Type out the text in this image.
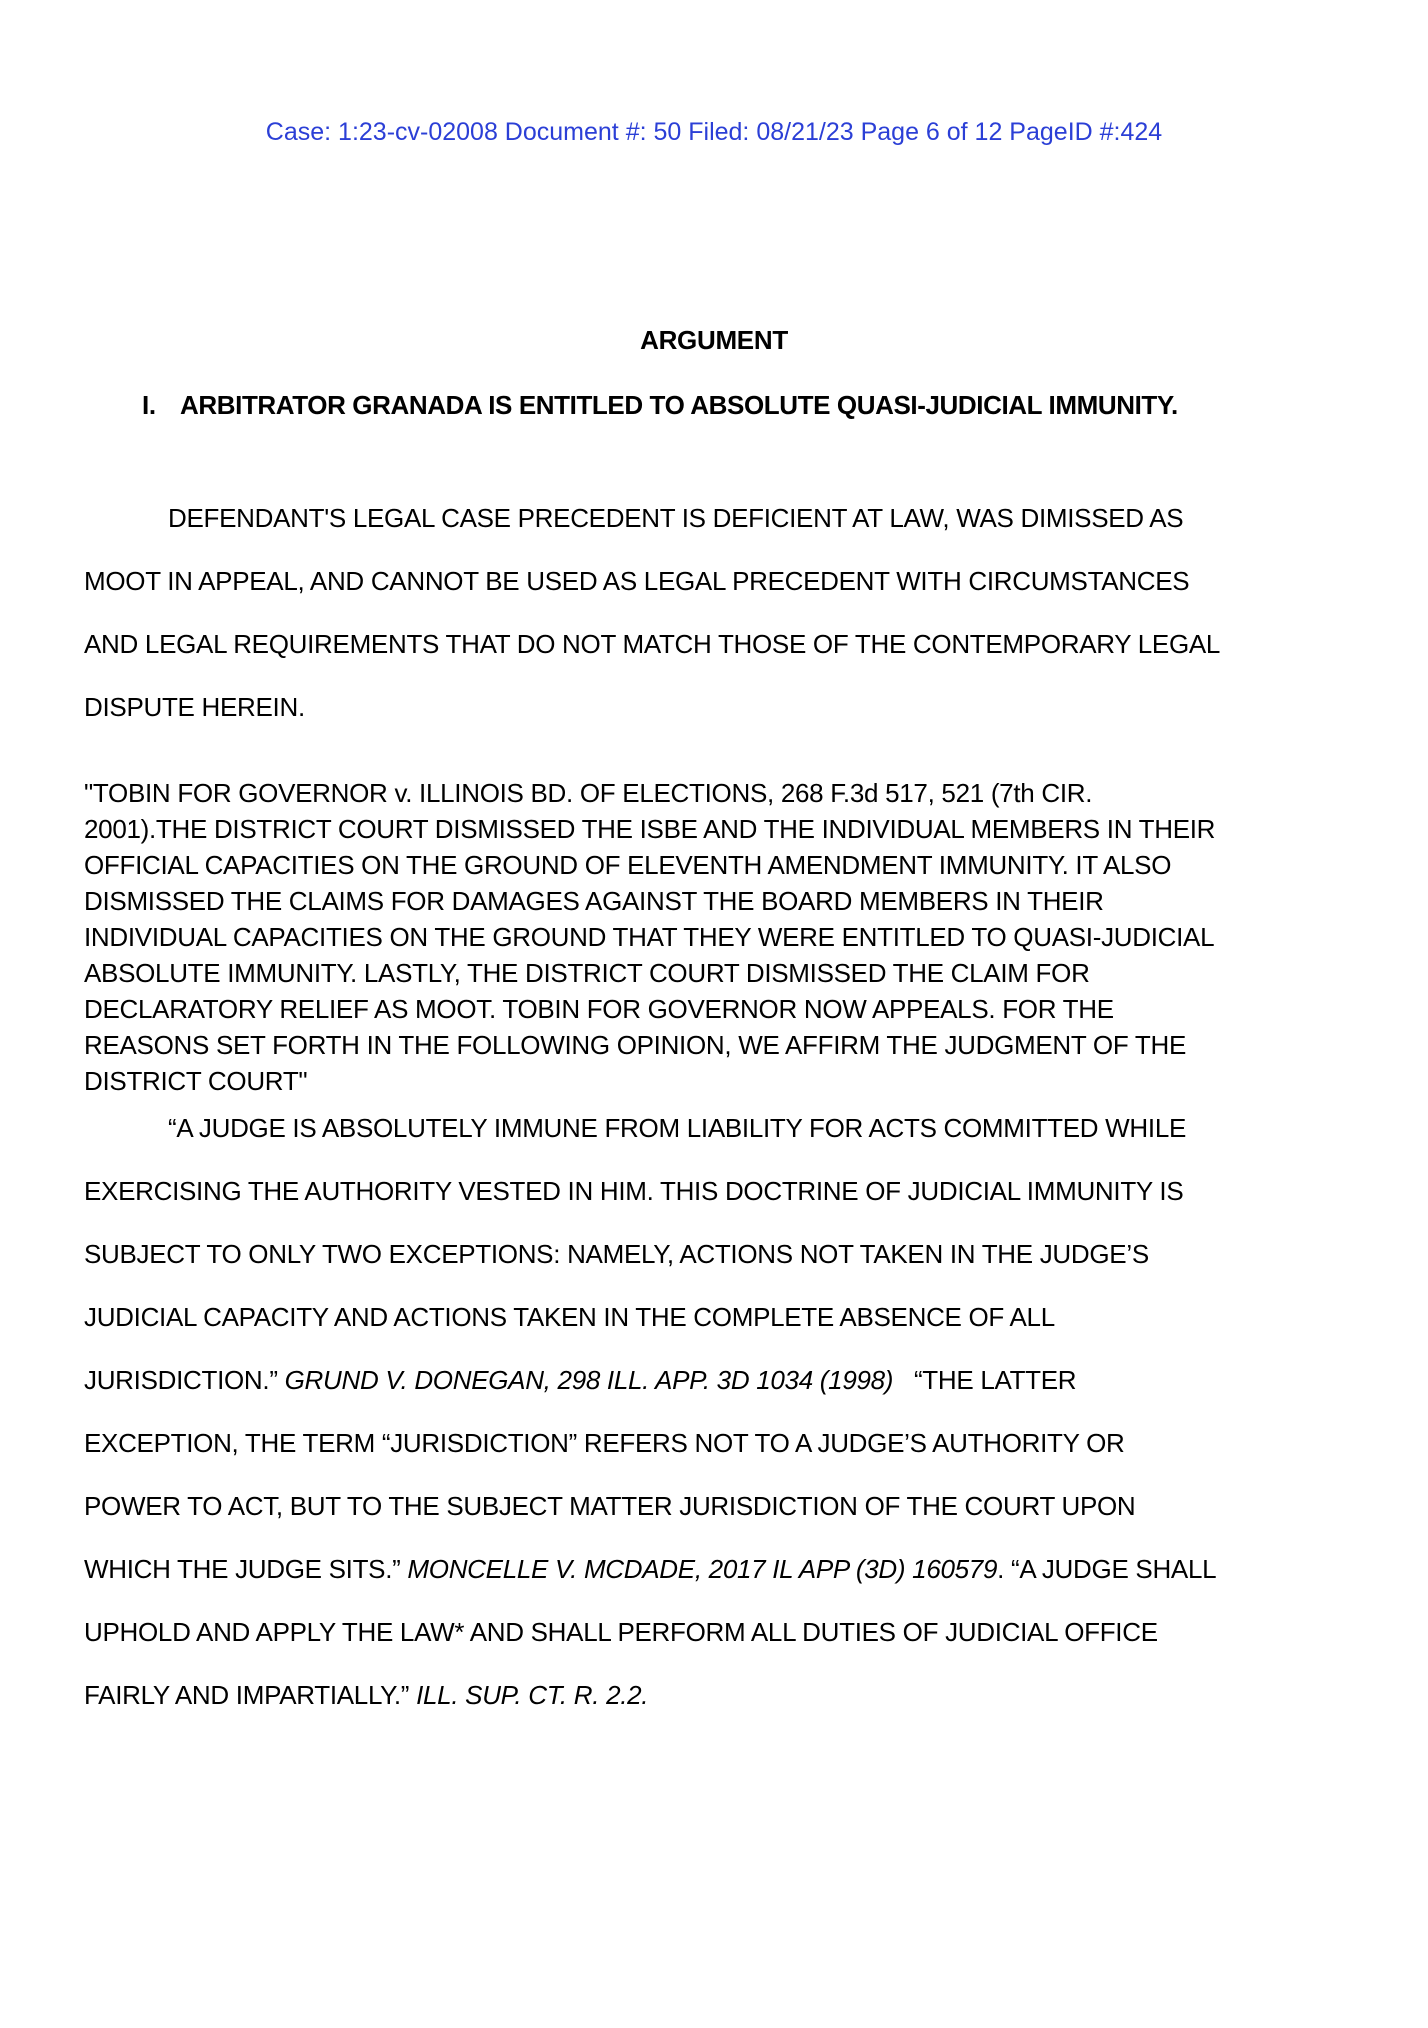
Case: 1:23-cv-02008 Document #: 50 Filed: 08/21/23 Page 6 of 12 PageID #:424
ARGUMENT
I. ARBITRATOR GRANADA IS ENTITLED TO ABSOLUTE QUASI-JUDICIAL IMMUNITY.
DEFENDANT'S LEGAL CASE PRECEDENT IS DEFICIENT AT LAW, WAS DIMISSED AS
MOOT IN APPEAL, AND CANNOT BE USED AS LEGAL PRECEDENT WITH CIRCUMSTANCES
AND LEGAL REQUIREMENTS THAT DO NOT MATCH THOSE OF THE CONTEMPORARY LEGAL
DISPUTE HEREIN.
"TOBIN FOR GOVERNOR v. ILLINOIS BD. OF ELECTIONS, 268 F.3d 517, 521 (7th CIR.
2001).THE DISTRICT COURT DISMISSED THE ISBE AND THE INDIVIDUAL MEMBERS IN THEIR
OFFICIAL CAPACITIES ON THE GROUND OF ELEVENTH AMENDMENT IMMUNITY. IT ALSO
DISMISSED THE CLAIMS FOR DAMAGES AGAINST THE BOARD MEMBERS IN THEIR
INDIVIDUAL CAPACITIES ON THE GROUND THAT THEY WERE ENTITLED TO QUASI-JUDICIAL
ABSOLUTE IMMUNITY. LASTLY, THE DISTRICT COURT DISMISSED THE CLAIM FOR
DECLARATORY RELIEF AS MOOT. TOBIN FOR GOVERNOR NOW APPEALS. FOR THE
REASONS SET FORTH IN THE FOLLOWING OPINION, WE AFFIRM THE JUDGMENT OF THE
DISTRICT COURT"
“A JUDGE IS ABSOLUTELY IMMUNE FROM LIABILITY FOR ACTS COMMITTED WHILE
EXERCISING THE AUTHORITY VESTED IN HIM. THIS DOCTRINE OF JUDICIAL IMMUNITY IS
SUBJECT TO ONLY TWO EXCEPTIONS: NAMELY, ACTIONS NOT TAKEN IN THE JUDGE’S
JUDICIAL CAPACITY AND ACTIONS TAKEN IN THE COMPLETE ABSENCE OF ALL
JURISDICTION.” GRUND V. DONEGAN, 298 ILL. APP. 3D 1034 (1998)   “THE LATTER
EXCEPTION, THE TERM “JURISDICTION” REFERS NOT TO A JUDGE’S AUTHORITY OR
POWER TO ACT, BUT TO THE SUBJECT MATTER JURISDICTION OF THE COURT UPON
WHICH THE JUDGE SITS.” MONCELLE V. MCDADE, 2017 IL APP (3D) 160579. “A JUDGE SHALL
UPHOLD AND APPLY THE LAW* AND SHALL PERFORM ALL DUTIES OF JUDICIAL OFFICE
FAIRLY AND IMPARTIALLY.” ILL. SUP. CT. R. 2.2.
